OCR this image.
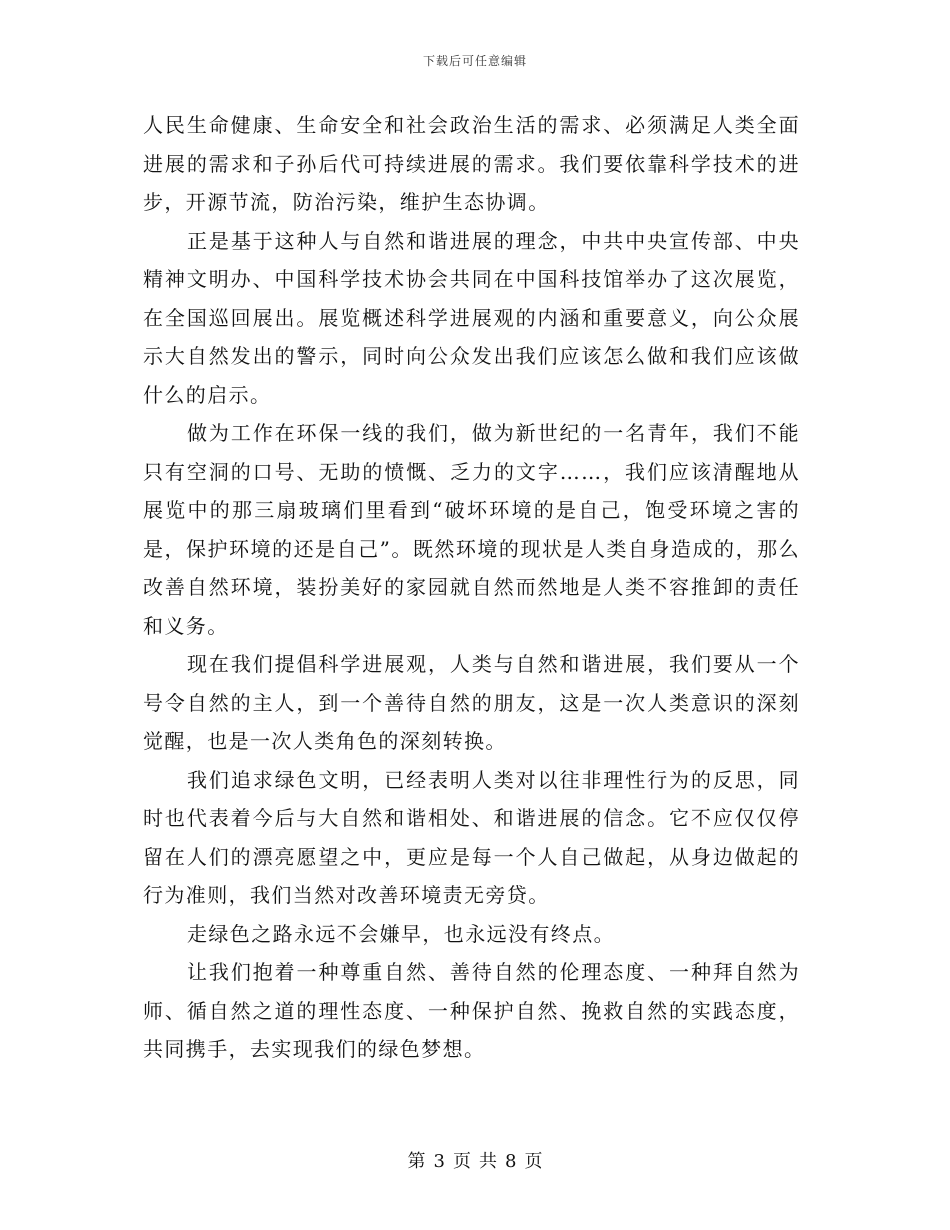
下载后可任意编辑

人民生命健康、生命安全和社会政治生活的需求、必须满足人类全面进展的需求和子孙后代可持续进展的需求。我们要依靠科学技术的进步，开源节流，防治污染，维护生态协调。

正是基于这种人与自然和谐进展的理念，中共中央宣传部、中央精神文明办、中国科学技术协会共同在中国科技馆举办了这次展览，在全国巡回展出。展览概述科学进展观的内涵和重要意义，向公众展示大自然发出的警示，同时向公众发出我们应该怎么做和我们应该做什么的启示。

做为工作在环保一线的我们，做为新世纪的一名青年，我们不能只有空洞的口号、无助的愤慨、乏力的文字……，我们应该清醒地从展览中的那三扇玻璃们里看到“破坏环境的是自己，饱受环境之害的是，保护环境的还是自己”。既然环境的现状是人类自身造成的，那么改善自然环境，装扮美好的家园就自然而然地是人类不容推卸的责任和义务。

现在我们提倡科学进展观，人类与自然和谐进展，我们要从一个号令自然的主人，到一个善待自然的朋友，这是一次人类意识的深刻觉醒，也是一次人类角色的深刻转换。

我们追求绿色文明，已经表明人类对以往非理性行为的反思，同时也代表着今后与大自然和谐相处、和谐进展的信念。它不应仅仅停留在人们的漂亮愿望之中，更应是每一个人自己做起，从身边做起的行为准则，我们当然对改善环境责无旁贷。

走绿色之路永远不会嫌早，也永远没有终点。

让我们抱着一种尊重自然、善待自然的伦理态度、一种拜自然为师、循自然之道的理性态度、一种保护自然、挽救自然的实践态度，共同携手，去实现我们的绿色梦想。

第 3 页 共 8 页
